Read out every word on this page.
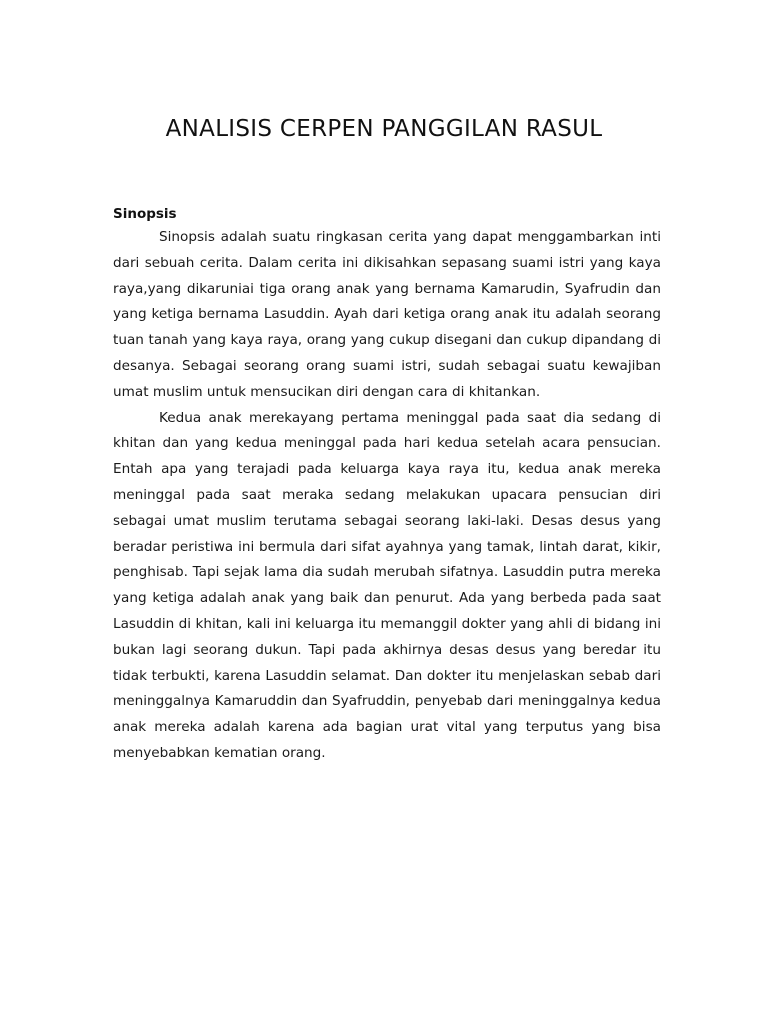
ANALISIS CERPEN PANGGILAN RASUL
Sinopsis

Sinopsis adalah suatu ringkasan cerita yang dapat menggambarkan inti dari sebuah cerita. Dalam cerita ini dikisahkan sepasang suami istri yang kaya raya,yang dikaruniai tiga orang anak yang bernama Kamarudin, Syafrudin dan yang ketiga bernama Lasuddin. Ayah dari ketiga orang anak itu adalah seorang tuan tanah yang kaya raya, orang yang cukup disegani dan cukup dipandang di desanya. Sebagai seorang orang suami istri, sudah sebagai suatu kewajiban umat muslim untuk mensucikan diri dengan cara di khitankan.

Kedua anak merekayang pertama meninggal pada saat dia sedang di khitan dan yang kedua meninggal pada hari kedua setelah acara pensucian. Entah apa yang terajadi pada keluarga kaya raya itu, kedua anak mereka meninggal pada saat meraka sedang melakukan upacara pensucian diri sebagai umat muslim terutama sebagai seorang laki-laki. Desas desus yang beradar peristiwa ini bermula dari sifat ayahnya yang tamak, lintah darat, kikir, penghisab. Tapi sejak lama dia sudah merubah sifatnya. Lasuddin putra mereka yang ketiga adalah anak yang baik dan penurut. Ada yang berbeda pada saat Lasuddin di khitan, kali ini keluarga itu memanggil dokter yang ahli di bidang ini bukan lagi seorang dukun. Tapi pada akhirnya desas desus yang beredar itu tidak terbukti, karena Lasuddin selamat. Dan dokter itu menjelaskan sebab dari meninggalnya Kamaruddin dan Syafruddin, penyebab dari meninggalnya kedua anak mereka adalah karena ada bagian urat vital yang terputus yang bisa menyebabkan kematian orang.
